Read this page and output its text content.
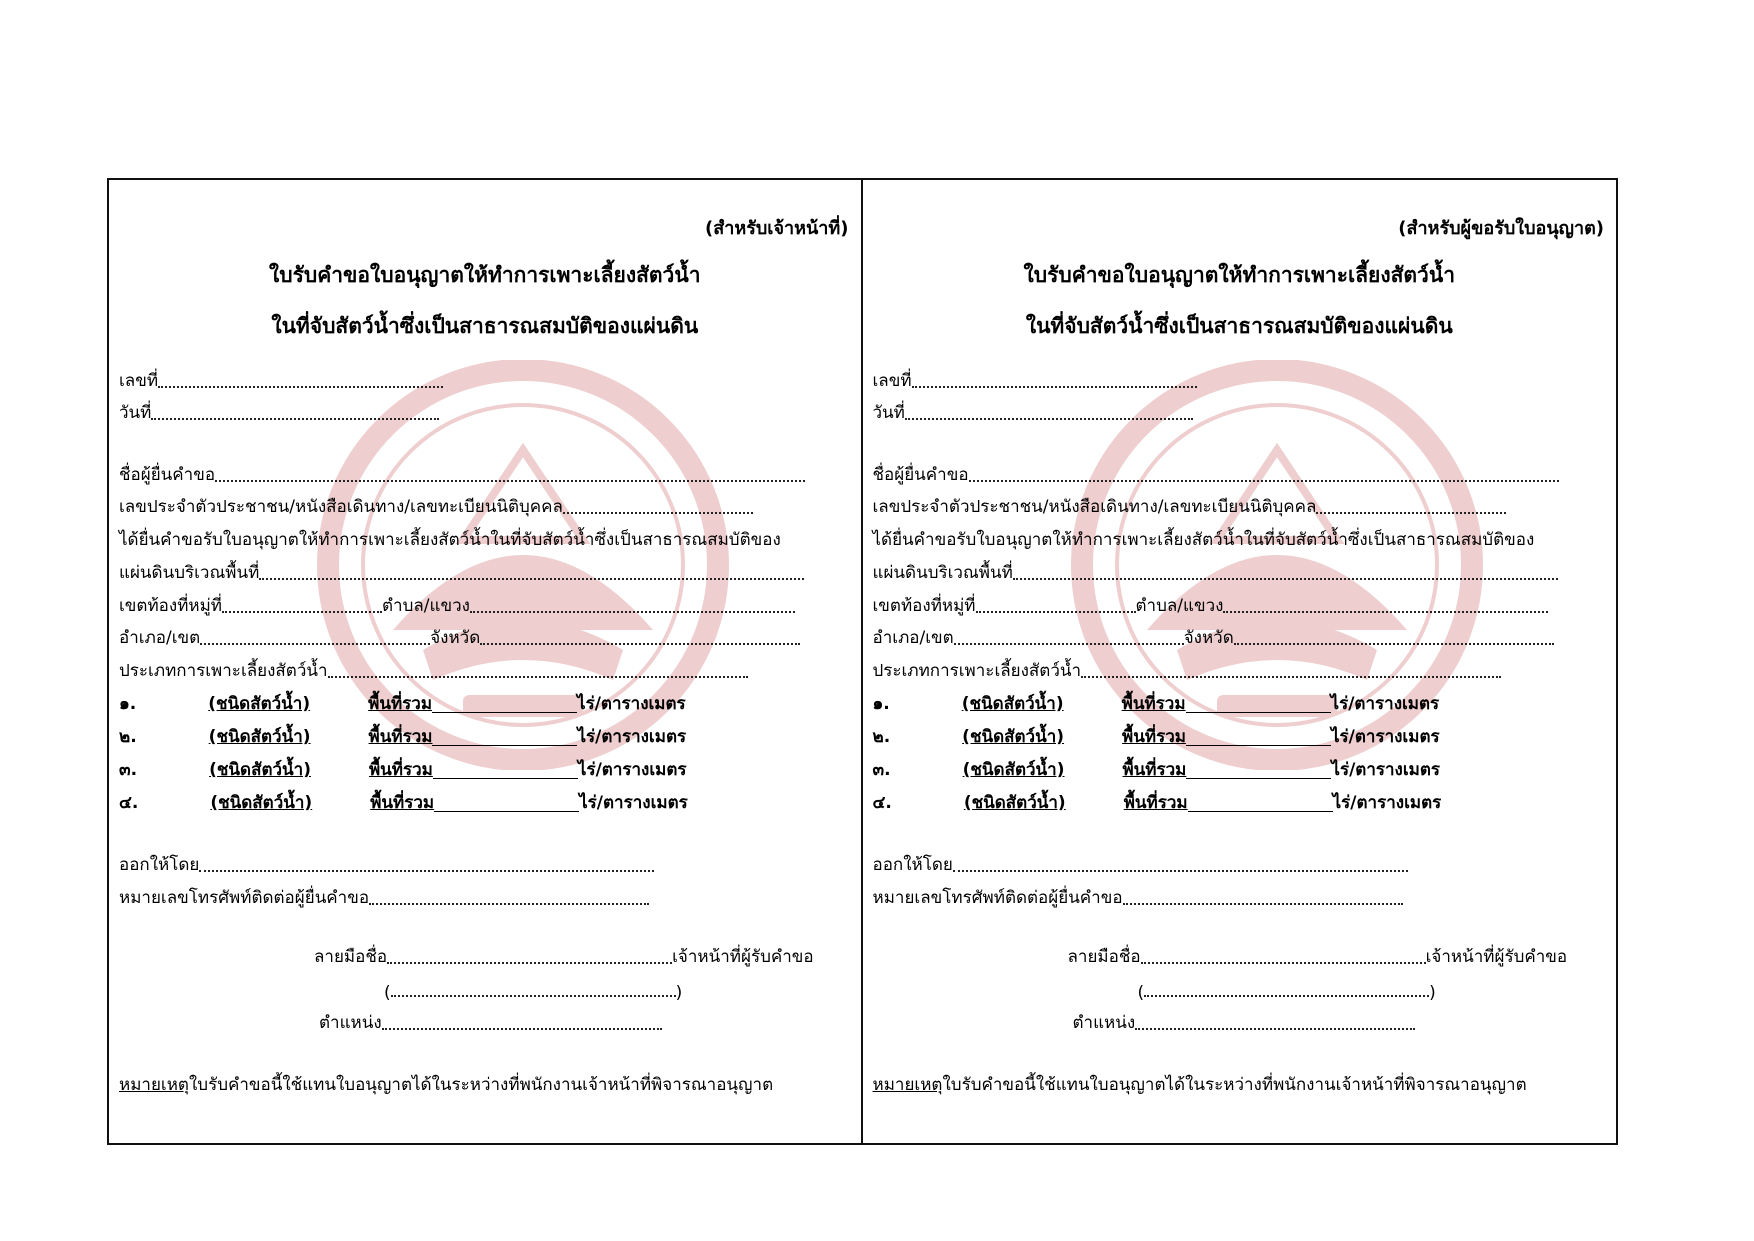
(สำหรับเจ้าหน้าที่)
ใบรับคำขอใบอนุญาตให้ทำการเพาะเลี้ยงสัตว์น้ำ
ในที่จับสัตว์น้ำซึ่งเป็นสาธารณสมบัติของแผ่นดิน
เลขที่
วันที่
ชื่อผู้ยื่นคำขอ
เลขประจำตัวประชาชน/หนังสือเดินทาง/เลขทะเบียนนิติบุคคล
ได้ยื่นคำขอรับใบอนุญาตให้ทำการเพาะเลี้ยงสัตว์น้ำในที่จับสัตว์น้ำซึ่งเป็นสาธารณสมบัติของ
แผ่นดินบริเวณพื้นที่
เขตท้องที่หมู่ที่	ตำบล/แขวง
อำเภอ/เขต	จังหวัด
ประเภทการเพาะเลี้ยงสัตว์น้ำ
๑.	(ชนิดสัตว์น้ำ)	พื้นที่รวม	ไร่/ตารางเมตร
๒.	(ชนิดสัตว์น้ำ)	พื้นที่รวม	ไร่/ตารางเมตร
๓.	(ชนิดสัตว์น้ำ)	พื้นที่รวม	ไร่/ตารางเมตร
๔.	(ชนิดสัตว์น้ำ)	พื้นที่รวม	ไร่/ตารางเมตร
ออกให้โดย
หมายเลขโทรศัพท์ติดต่อผู้ยื่นคำขอ
ลายมือชื่อ	เจ้าหน้าที่ผู้รับคำขอ
(	)
ตำแหน่ง
หมายเหตุ ใบรับคำขอนี้ใช้แทนใบอนุญาตได้ในระหว่างที่พนักงานเจ้าหน้าที่พิจารณาอนุญาต
(สำหรับผู้ขอรับใบอนุญาต)
ใบรับคำขอใบอนุญาตให้ทำการเพาะเลี้ยงสัตว์น้ำ
ในที่จับสัตว์น้ำซึ่งเป็นสาธารณสมบัติของแผ่นดิน
เลขที่
วันที่
ชื่อผู้ยื่นคำขอ
เลขประจำตัวประชาชน/หนังสือเดินทาง/เลขทะเบียนนิติบุคคล
ได้ยื่นคำขอรับใบอนุญาตให้ทำการเพาะเลี้ยงสัตว์น้ำในที่จับสัตว์น้ำซึ่งเป็นสาธารณสมบัติของ
แผ่นดินบริเวณพื้นที่
เขตท้องที่หมู่ที่	ตำบล/แขวง
อำเภอ/เขต	จังหวัด
ประเภทการเพาะเลี้ยงสัตว์น้ำ
๑.	(ชนิดสัตว์น้ำ)	พื้นที่รวม	ไร่/ตารางเมตร
๒.	(ชนิดสัตว์น้ำ)	พื้นที่รวม	ไร่/ตารางเมตร
๓.	(ชนิดสัตว์น้ำ)	พื้นที่รวม	ไร่/ตารางเมตร
๔.	(ชนิดสัตว์น้ำ)	พื้นที่รวม	ไร่/ตารางเมตร
ออกให้โดย
หมายเลขโทรศัพท์ติดต่อผู้ยื่นคำขอ
ลายมือชื่อ	เจ้าหน้าที่ผู้รับคำขอ
(	)
ตำแหน่ง
หมายเหตุ ใบรับคำขอนี้ใช้แทนใบอนุญาตได้ในระหว่างที่พนักงานเจ้าหน้าที่พิจารณาอนุญาต
